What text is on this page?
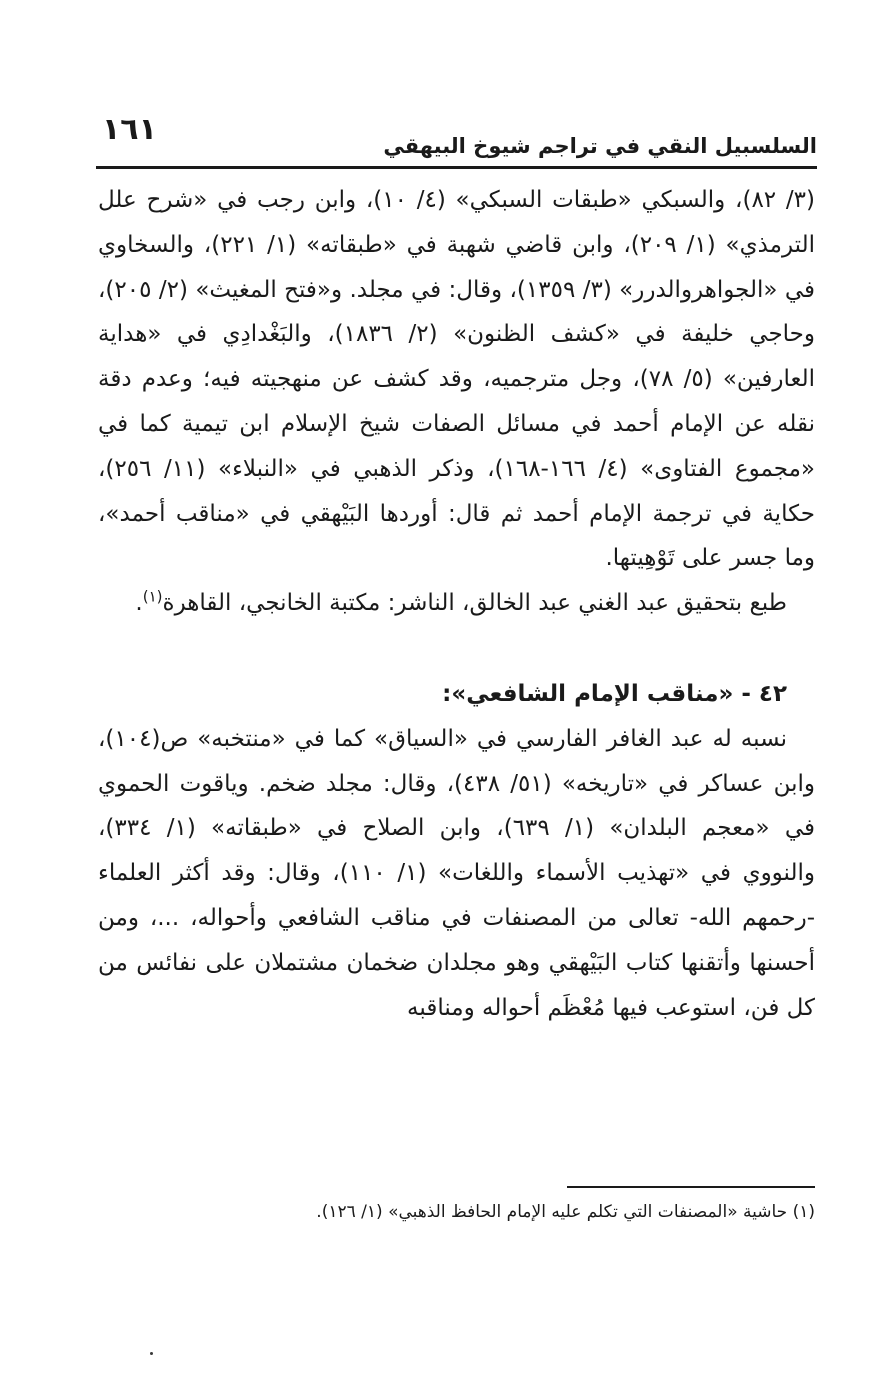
١٦١	السلسبيل النقي في تراجم شيوخ البيهقي

(٣/ ٨٢)، والسبكي «طبقات السبكي» (٤/ ١٠)، وابن رجب في «شرح علل الترمذي» (١/ ٢٠٩)، وابن قاضي شهبة في «طبقاته» (١/ ٢٢١)، والسخاوي في «الجواهروالدرر» (٣/ ١٣٥٩)، وقال: في مجلد. و«فتح المغيث» (٢/ ٢٠٥)، وحاجي خليفة في «كشف الظنون» (٢/ ١٨٣٦)، والبَغْدادِي في «هداية العارفين» (٥/ ٧٨)، وجل مترجميه، وقد كشف عن منهجيته فيه؛ وعدم دقة نقله عن الإمام أحمد في مسائل الصفات شيخ الإسلام ابن تيمية كما في «مجموع الفتاوى» (٤/ ١٦٦-١٦٨)، وذكر الذهبي في «النبلاء» (١١/ ٢٥٦)، حكاية في ترجمة الإمام أحمد ثم قال: أوردها البَيْهقي في «مناقب أحمد»، وما جسر على تَوْهِيتها.

طبع بتحقيق عبد الغني عبد الخالق، الناشر: مكتبة الخانجي، القاهرة$^{(١)}$.

٤٢ - «مناقب الإمام الشافعي»:

نسبه له عبد الغافر الفارسي في «السياق» كما في «منتخبه» ص(١٠٤)، وابن عساكر في «تاريخه» (٥١/ ٤٣٨)، وقال: مجلد ضخم. وياقوت الحموي في «معجم البلدان» (١/ ٦٣٩)، وابن الصلاح في «طبقاته» (١/ ٣٣٤)، والنووي في «تهذيب الأسماء واللغات» (١/ ١١٠)، وقال: وقد أكثر العلماء -رحمهم الله- تعالى من المصنفات في مناقب الشافعي وأحواله، ...، ومن أحسنها وأتقنها كتاب البَيْهقي وهو مجلدان ضخمان مشتملان على نفائس من كل فن، استوعب فيها مُعْظَم أحواله ومناقبه

(١) حاشية «المصنفات التي تكلم عليه الإمام الحافظ الذهبي» (١/ ١٢٦).
